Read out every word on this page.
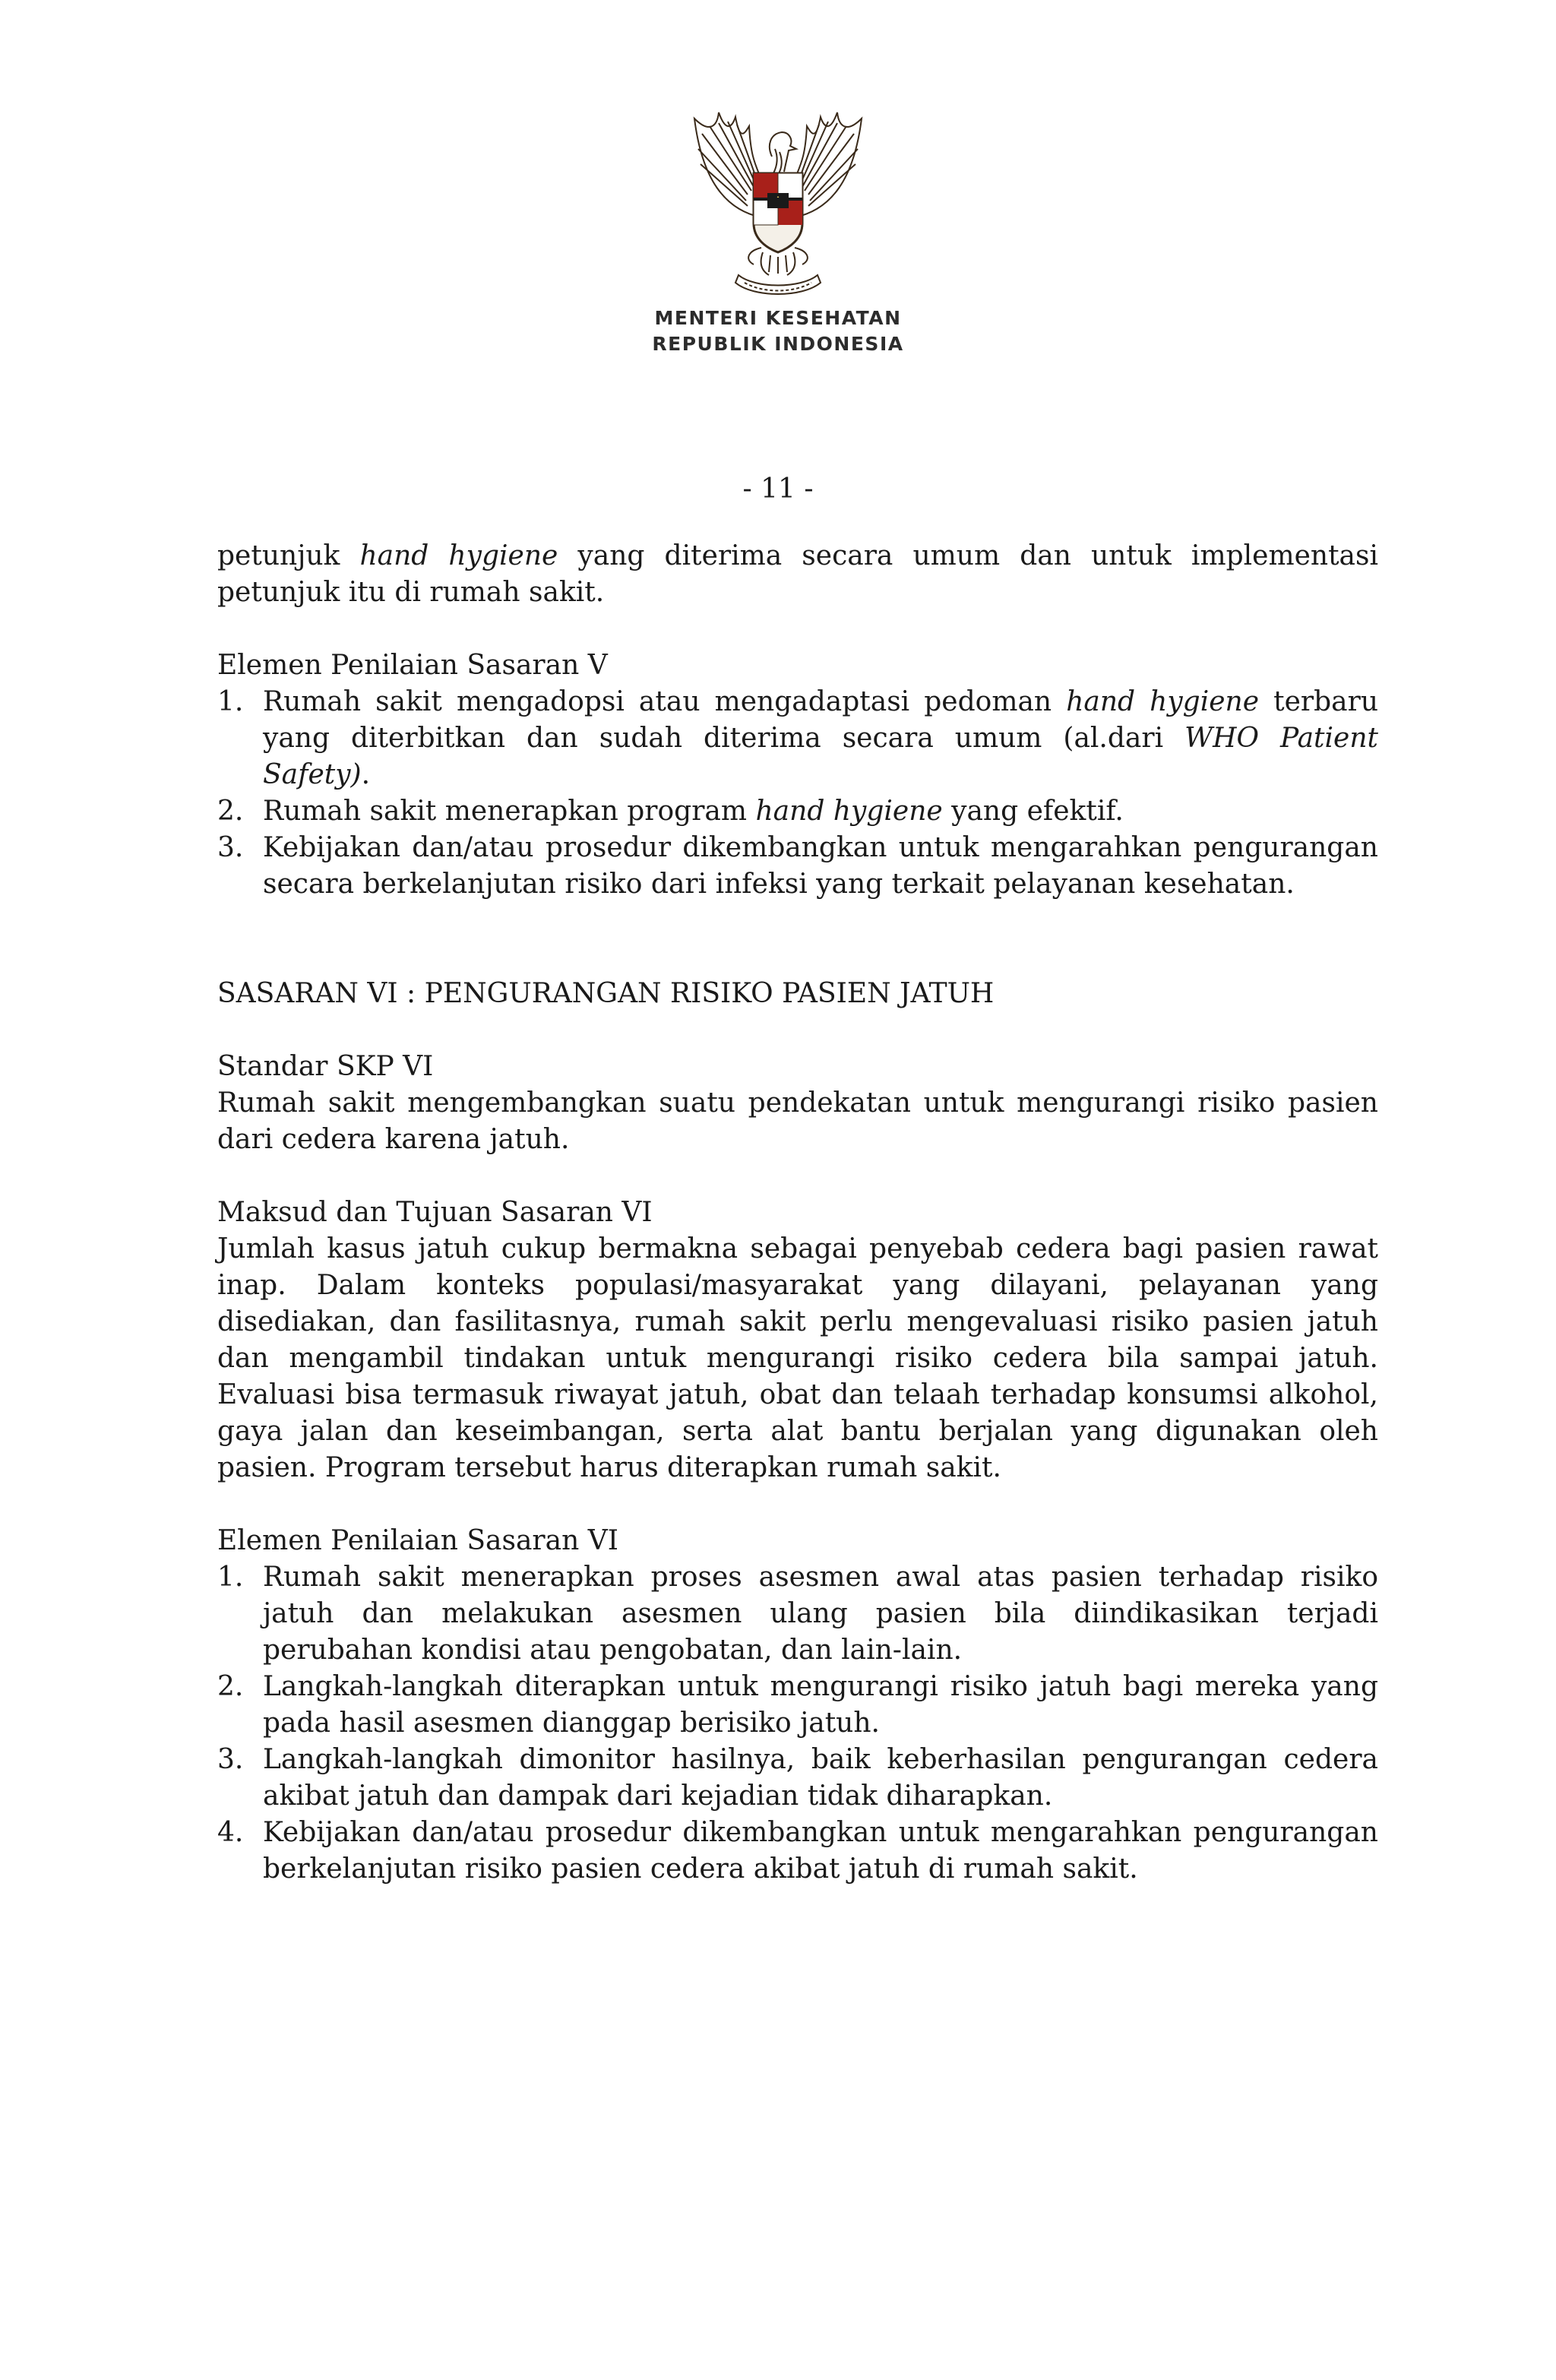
MENTERI KESEHATAN
REPUBLIK INDONESIA
- 11 -

petunjuk hand hygiene yang diterima secara umum dan untuk implementasi petunjuk itu di rumah sakit.

Elemen Penilaian Sasaran V

1. Rumah sakit mengadopsi atau mengadaptasi pedoman hand hygiene terbaru yang diterbitkan dan sudah diterima secara umum (al.dari WHO Patient Safety).
2. Rumah sakit menerapkan program hand hygiene yang efektif.
3. Kebijakan dan/atau prosedur dikembangkan untuk mengarahkan pengurangan secara berkelanjutan risiko dari infeksi yang terkait pelayanan kesehatan.

SASARAN VI : PENGURANGAN RISIKO PASIEN JATUH

Standar SKP VI

Rumah sakit mengembangkan suatu pendekatan untuk mengurangi risiko pasien dari cedera karena jatuh.

Maksud dan Tujuan Sasaran VI

Jumlah kasus jatuh cukup bermakna sebagai penyebab cedera bagi pasien rawat inap. Dalam konteks populasi/masyarakat yang dilayani, pelayanan yang disediakan, dan fasilitasnya, rumah sakit perlu mengevaluasi risiko pasien jatuh dan mengambil tindakan untuk mengurangi risiko cedera bila sampai jatuh. Evaluasi bisa termasuk riwayat jatuh, obat dan telaah terhadap konsumsi alkohol, gaya jalan dan keseimbangan, serta alat bantu berjalan yang digunakan oleh pasien. Program tersebut harus diterapkan rumah sakit.

Elemen Penilaian Sasaran VI

1. Rumah sakit menerapkan proses asesmen awal atas pasien terhadap risiko jatuh dan melakukan asesmen ulang pasien bila diindikasikan terjadi perubahan kondisi atau pengobatan, dan lain-lain.
2. Langkah-langkah diterapkan untuk mengurangi risiko jatuh bagi mereka yang pada hasil asesmen dianggap berisiko jatuh.
3. Langkah-langkah dimonitor hasilnya, baik keberhasilan pengurangan cedera akibat jatuh dan dampak dari kejadian tidak diharapkan.
4. Kebijakan dan/atau prosedur dikembangkan untuk mengarahkan pengurangan berkelanjutan risiko pasien cedera akibat jatuh di rumah sakit.
